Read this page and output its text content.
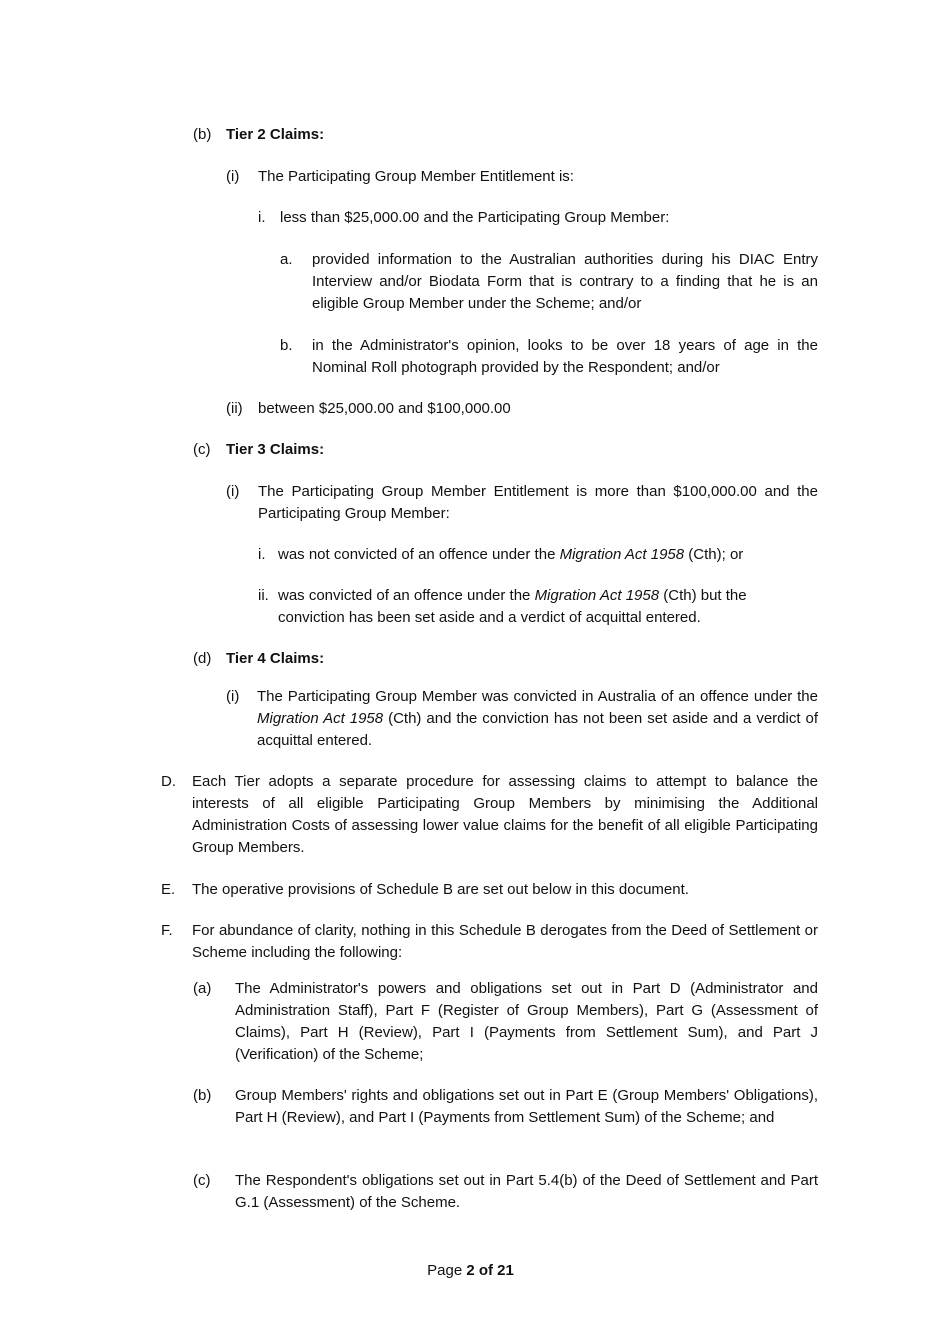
(b) Tier 2 Claims:
(i) The Participating Group Member Entitlement is:
i. less than $25,000.00 and the Participating Group Member:
a. provided information to the Australian authorities during his DIAC Entry Interview and/or Biodata Form that is contrary to a finding that he is an eligible Group Member under the Scheme; and/or
b. in the Administrator's opinion, looks to be over 18 years of age in the Nominal Roll photograph provided by the Respondent; and/or
(ii) between $25,000.00 and $100,000.00
(c) Tier 3 Claims:
(i) The Participating Group Member Entitlement is more than $100,000.00 and the Participating Group Member:
i. was not convicted of an offence under the Migration Act 1958 (Cth); or
ii. was convicted of an offence under the Migration Act 1958 (Cth) but the conviction has been set aside and a verdict of acquittal entered.
(d) Tier 4 Claims:
(i) The Participating Group Member was convicted in Australia of an offence under the Migration Act 1958 (Cth) and the conviction has not been set aside and a verdict of acquittal entered.
D. Each Tier adopts a separate procedure for assessing claims to attempt to balance the interests of all eligible Participating Group Members by minimising the Additional Administration Costs of assessing lower value claims for the benefit of all eligible Participating Group Members.
E. The operative provisions of Schedule B are set out below in this document.
F. For abundance of clarity, nothing in this Schedule B derogates from the Deed of Settlement or Scheme including the following:
(a) The Administrator's powers and obligations set out in Part D (Administrator and Administration Staff), Part F (Register of Group Members), Part G (Assessment of Claims), Part H (Review), Part I (Payments from Settlement Sum), and Part J (Verification) of the Scheme;
(b) Group Members' rights and obligations set out in Part E (Group Members' Obligations), Part H (Review), and Part I (Payments from Settlement Sum) of the Scheme; and
(c) The Respondent's obligations set out in Part 5.4(b) of the Deed of Settlement and Part G.1 (Assessment) of the Scheme.
Page 2 of 21
